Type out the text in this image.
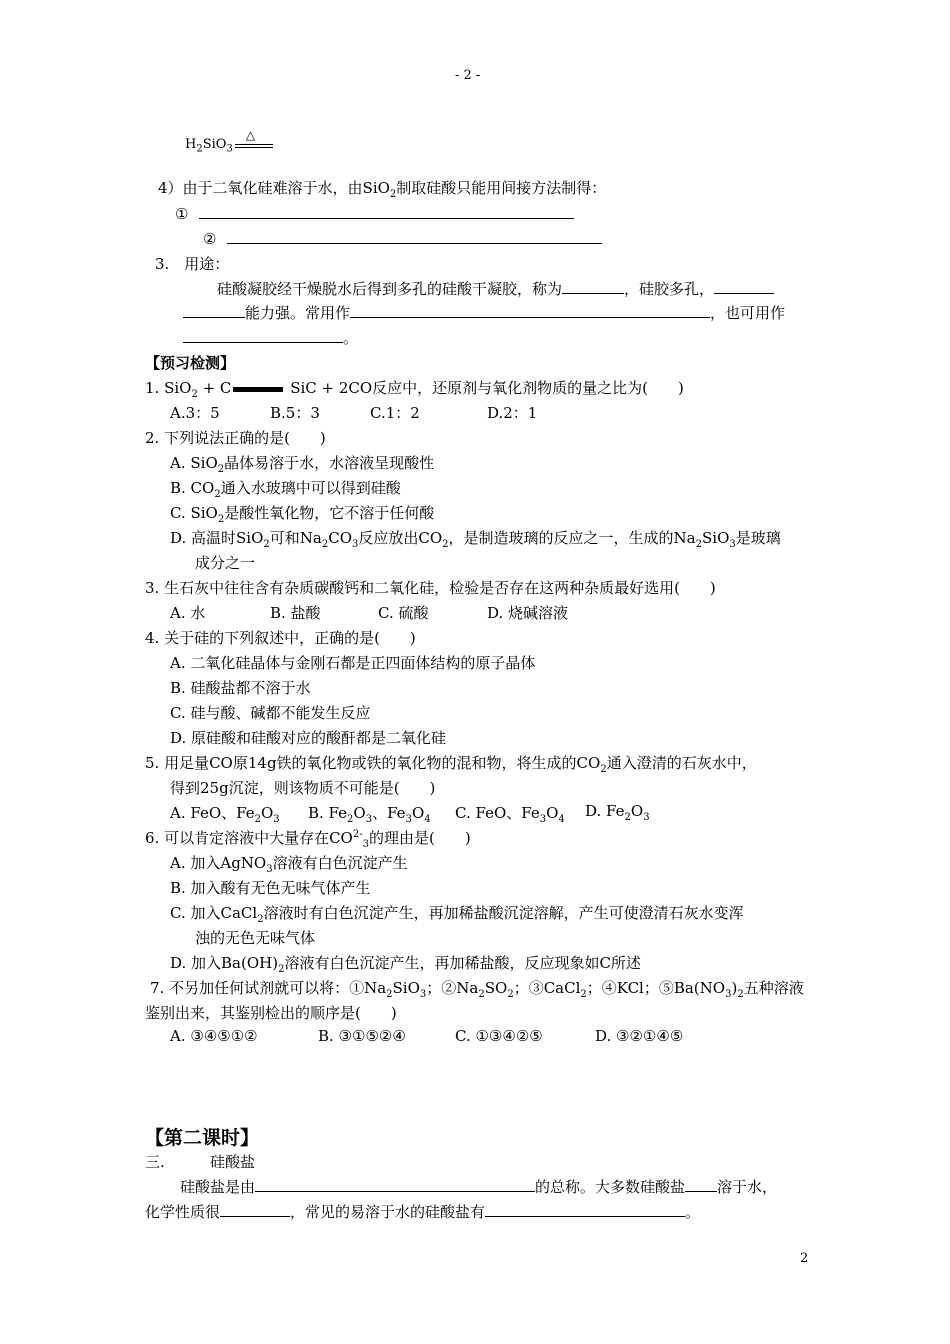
- 2 -
$H_2SiO_3$
△
4）由于二氧化硅难溶于水，由SiO$_2$制取硅酸只能用间接方法制得：
①
②
3.　用途：
硅酸凝胶经干燥脱水后得到多孔的硅酸干凝胶，称为	，硅胶多孔，
能力强。常用作	，也可用作
。
【预习检测】
1. SiO$_2$ + C	SiC + 2CO反应中，还原剂与氧化剂物质的量之比为(　　)
A.3：5	B.5：3	C.1：2	D.2：1
2. 下列说法正确的是(　　)
A. SiO$_2$晶体易溶于水，水溶液呈现酸性
B. $CO_2$通入水玻璃中可以得到硅酸
C. SiO$_2$是酸性氧化物，它不溶于任何酸
D. 高温时SiO$_2$可和$Na_2CO_3$反应放出$CO_2$，是制造玻璃的反应之一，生成的$Na_2SiO_3$是玻璃
成分之一
3. 生石灰中往往含有杂质碳酸钙和二氧化硅，检验是否存在这两种杂质最好选用(　　)
A. 水	B. 盐酸	C. 硫酸	D. 烧碱溶液
4. 关于硅的下列叙述中，正确的是(　　)
A. 二氧化硅晶体与金刚石都是正四面体结构的原子晶体
B. 硅酸盐都不溶于水
C. 硅与酸、碱都不能发生反应
D. 原硅酸和硅酸对应的酸酐都是二氧化硅
5. 用足量CO原14g铁的氧化物或铁的氧化物的混和物，将生成的$CO_2$通入澄清的石灰水中，
得到25g沉淀，则该物质不可能是(　　)
A. FeO、$Fe_2O_3$ B. $Fe_2O_3$、$Fe_3O_4$ C. FeO、$Fe_3O_4$ D. $Fe_2O_3$
6. 可以肯定溶液中大量存在$CO^{2-}_3$的理由是(　　)
A. 加入AgNO$_3$溶液有白色沉淀产生
B. 加入酸有无色无味气体产生
C. 加入CaCl$_2$溶液时有白色沉淀产生，再加稀盐酸沉淀溶解，产生可使澄清石灰水变浑
浊的无色无味气体
D. 加入$Ba(OH)_2$溶液有白色沉淀产生，再加稀盐酸，反应现象如C所述
7. 不另加任何试剂就可以将：$①Na_2SiO_3$；$②Na_2SO_2$；③CaCl$_2$；④KCl；$⑤Ba(NO_3)_2$五种溶液
鉴别出来，其鉴别检出的顺序是(　　)
A. ③④⑤①②	B. ③①⑤②④	C. ①③④②⑤	D. ③②①④⑤
【第二课时】
三.	硅酸盐
硅酸盐是由	的总称。大多数硅酸盐 溶于水，
化学性质很	，常见的易溶于水的硅酸盐有	。
2
